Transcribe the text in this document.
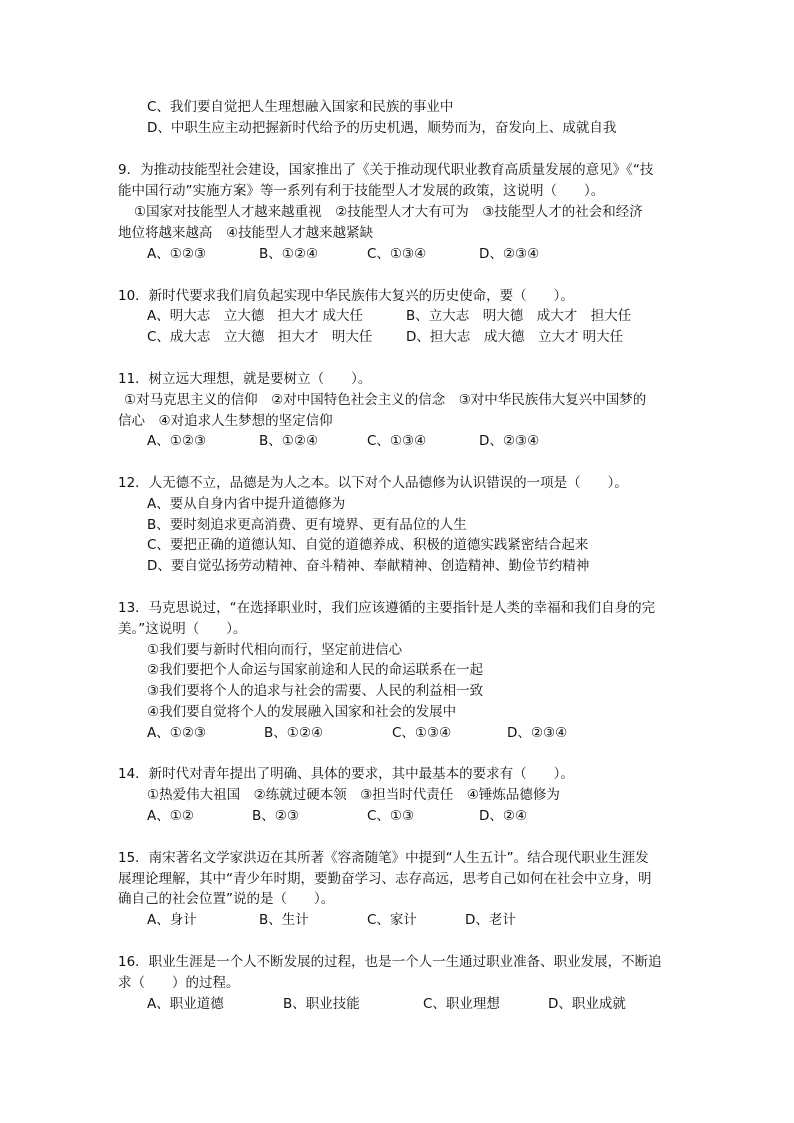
C、我们要自觉把人生理想融入国家和民族的事业中
D、中职生应主动把握新时代给予的历史机遇，顺势而为，奋发向上、成就自我
9．为推动技能型社会建设，国家推出了《关于推动现代职业教育高质量发展的意见》《“技
能中国行动”实施方案》等一系列有利于技能型人才发展的政策，这说明（　　）。
①国家对技能型人才越来越重视　②技能型人才大有可为　③技能型人才的社会和经济
地位将越来越高　④技能型人才越来越紧缺
A、①②③	B、①②④	C、①③④	D、②③④
10．新时代要求我们肩负起实现中华民族伟大复兴的历史使命，要（　　）。
A、明大志　立大德　担大才 成大任	B、立大志　明大德　成大才　担大任
C、成大志　立大德　担大才　明大任 D、担大志　成大德　立大才 明大任
11．树立远大理想，就是要树立（　　）。
①对马克思主义的信仰　②对中国特色社会主义的信念　③对中华民族伟大复兴中国梦的
信心　④对追求人生梦想的坚定信仰
A、①②③	B、①②④	C、①③④	D、②③④
12．人无德不立，品德是为人之本。以下对个人品德修为认识错误的一项是（　　）。
A、要从自身内省中提升道德修为
B、要时刻追求更高消费、更有境界、更有品位的人生
C、要把正确的道德认知、自觉的道德养成、积极的道德实践紧密结合起来
D、要自觉弘扬劳动精神、奋斗精神、奉献精神、创造精神、勤俭节约精神
13．马克思说过，“在选择职业时，我们应该遵循的主要指针是人类的幸福和我们自身的完
美。”这说明（　　）。
①我们要与新时代相向而行，坚定前进信心
②我们要把个人命运与国家前途和人民的命运联系在一起
③我们要将个人的追求与社会的需要、人民的利益相一致
④我们要自觉将个人的发展融入国家和社会的发展中
A、①②③	B、①②④	C、①③④	D、②③④
14．新时代对青年提出了明确、具体的要求，其中最基本的要求有（　　）。
①热爱伟大祖国　②练就过硬本领　③担当时代责任　④锤炼品德修为
A、①②	B、②③	C、①③	D、②④
15．南宋著名文学家洪迈在其所著《容斋随笔》中提到“人生五计”。结合现代职业生涯发
展理论理解，其中“青少年时期，要勤奋学习、志存高远，思考自己如何在社会中立身，明
确自己的社会位置”说的是（　　）。
A、身计	B、生计	C、家计	D、老计
16．职业生涯是一个人不断发展的过程，也是一个人一生通过职业准备、职业发展，不断追
求（　　）的过程。
A、职业道德	B、职业技能	C、职业理想	D、职业成就
